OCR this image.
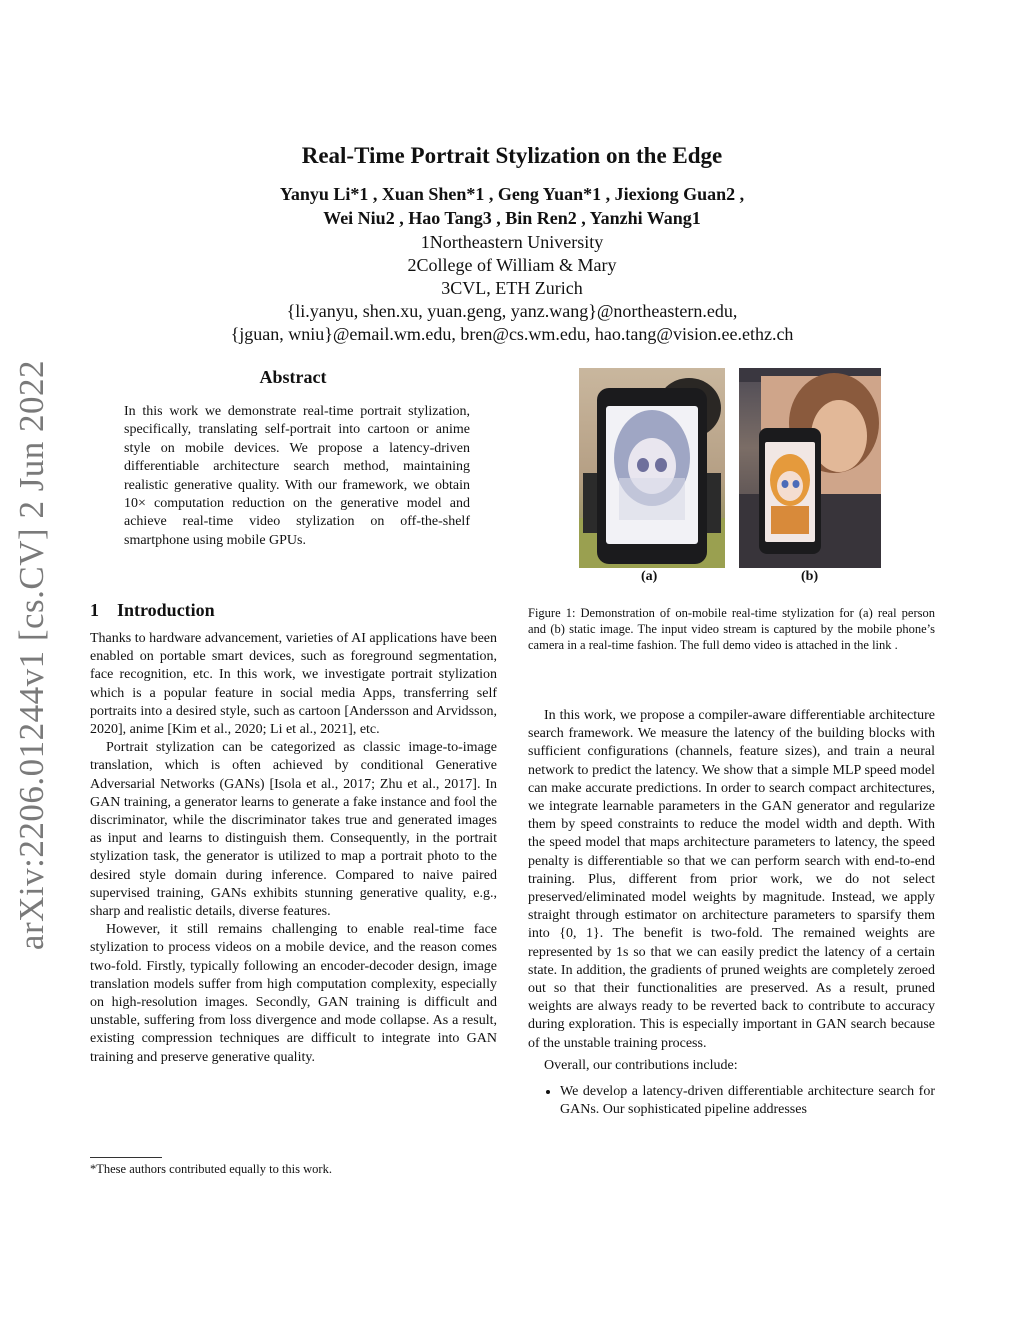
arXiv:2206.01244v1 [cs.CV] 2 Jun 2022
Real-Time Portrait Stylization on the Edge
Yanyu Li*1 , Xuan Shen*1 , Geng Yuan*1 , Jiexiong Guan2 ,
Wei Niu2 , Hao Tang3 , Bin Ren2 , Yanzhi Wang1
1Northeastern University
2College of William & Mary
3CVL, ETH Zurich
{li.yanyu, shen.xu, yuan.geng, yanz.wang}@northeastern.edu,
{jguan, wniu}@email.wm.edu, bren@cs.wm.edu, hao.tang@vision.ee.ethz.ch
Abstract
In this work we demonstrate real-time portrait stylization, specifically, translating self-portrait into cartoon or anime style on mobile devices. We propose a latency-driven differentiable architecture search method, maintaining realistic generative quality. With our framework, we obtain 10× computation reduction on the generative model and achieve real-time video stylization on off-the-shelf smartphone using mobile GPUs.
1    Introduction

Thanks to hardware advancement, varieties of AI applications have been enabled on portable smart devices, such as foreground segmentation, face recognition, etc. In this work, we investigate portrait stylization which is a popular feature in social media Apps, transferring self portraits into a desired style, such as cartoon [Andersson and Arvidsson, 2020], anime [Kim et al., 2020; Li et al., 2021], etc.

Portrait stylization can be categorized as classic image-to-image translation, which is often achieved by conditional Generative Adversarial Networks (GANs) [Isola et al., 2017; Zhu et al., 2017]. In GAN training, a generator learns to generate a fake instance and fool the discriminator, while the discriminator takes true and generated images as input and learns to distinguish them. Consequently, in the portrait stylization task, the generator is utilized to map a portrait photo to the desired style domain during inference. Compared to naive paired supervised training, GANs exhibits stunning generative quality, e.g., sharp and realistic details, diverse features.

However, it still remains challenging to enable real-time face stylization to process videos on a mobile device, and the reason comes two-fold. Firstly, typically following an encoder-decoder design, image translation models suffer from high computation complexity, especially on high-resolution images. Secondly, GAN training is difficult and unstable, suffering from loss divergence and mode collapse. As a result, existing compression techniques are difficult to integrate into GAN training and preserve generative quality.

*These authors contributed equally to this work.
(a)	(b)
Figure 1: Demonstration of on-mobile real-time stylization for (a) real person and (b) static image. The input video stream is captured by the mobile phone’s camera in a real-time fashion. The full demo video is attached in the link .

In this work, we propose a compiler-aware differentiable architecture search framework. We measure the latency of the building blocks with sufficient configurations (channels, feature sizes), and train a neural network to predict the latency. We show that a simple MLP speed model can make accurate predictions. In order to search compact architectures, we integrate learnable parameters in the GAN generator and regularize them by speed constraints to reduce the model width and depth. With the speed model that maps architecture parameters to latency, the speed penalty is differentiable so that we can perform search with end-to-end training. Plus, different from prior work, we do not select preserved/eliminated model weights by magnitude. Instead, we apply straight through estimator on architecture parameters to sparsify them into {0, 1}. The benefit is two-fold. The remained weights are represented by 1s so that we can easily predict the latency of a certain state. In addition, the gradients of pruned weights are completely zeroed out so that their functionalities are preserved. As a result, pruned weights are always ready to be reverted back to contribute to accuracy during exploration. This is especially important in GAN search because of the unstable training process.

Overall, our contributions include:

• We develop a latency-driven differentiable architecture search for GANs. Our sophisticated pipeline addresses
